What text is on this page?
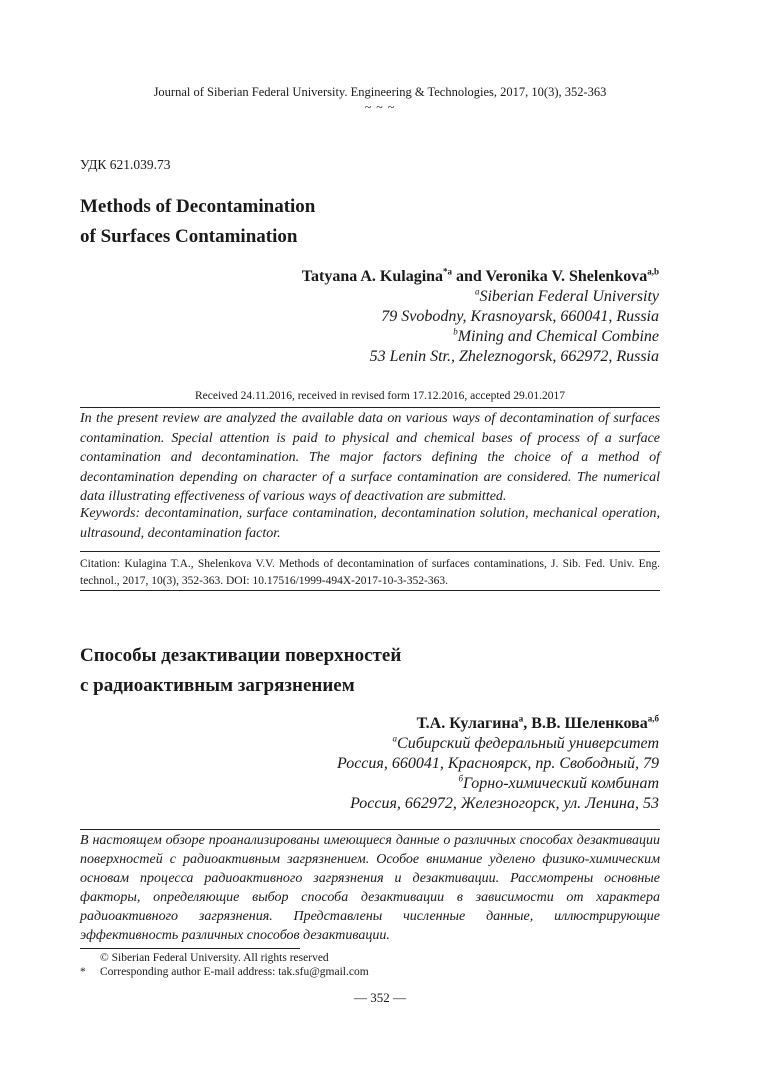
Journal of Siberian Federal University. Engineering & Technologies, 2017, 10(3), 352-363
~ ~ ~
УДК 621.039.73
Methods of Decontamination
of Surfaces Contamination
Tatyana A. Kulagina$^{*a}$ and Veronika V. Shelenkova$^{a,b}$
$^a$Siberian Federal University
79 Svobodny, Krasnoyarsk, 660041, Russia
$^b$Mining and Chemical Combine
53 Lenin Str., Zheleznogorsk, 662972, Russia
Received 24.11.2016, received in revised form 17.12.2016, accepted 29.01.2017
In the present review are analyzed the available data on various ways of decontamination of surfaces contamination. Special attention is paid to physical and chemical bases of process of a surface contamination and decontamination. The major factors defining the choice of a method of decontamination depending on character of a surface contamination are considered. The numerical data illustrating effectiveness of various ways of deactivation are submitted.
Keywords: decontamination, surface contamination, decontamination solution, mechanical operation, ultrasound, decontamination factor.
Citation: Kulagina T.A., Shelenkova V.V. Methods of decontamination of surfaces contaminations, J. Sib. Fed. Univ. Eng. technol., 2017, 10(3), 352-363. DOI: 10.17516/1999-494X-2017-10-3-352-363.
Способы дезактивации поверхностей
с радиоактивным загрязнением
Т.А. Кулагина$^а$, В.В. Шеленкова$^{а,б}$
$^а$Сибирский федеральный университет
Россия, 660041, Красноярск, пр. Свободный, 79
$^б$Горно-химический комбинат
Россия, 662972, Железногорск, ул. Ленина, 53
В настоящем обзоре проанализированы имеющиеся данные о различных способах дезактивации поверхностей с радиоактивным загрязнением. Особое внимание уделено физико-химическим основам процесса радиоактивного загрязнения и дезактивации. Рассмотрены основные факторы, определяющие выбор способа дезактивации в зависимости от характера радиоактивного загрязнения. Представлены численные данные, иллюстрирующие эффективность различных способов дезактивации.
© Siberian Federal University. All rights reserved
* Corresponding author E-mail address: tak.sfu@gmail.com
— 352 —
